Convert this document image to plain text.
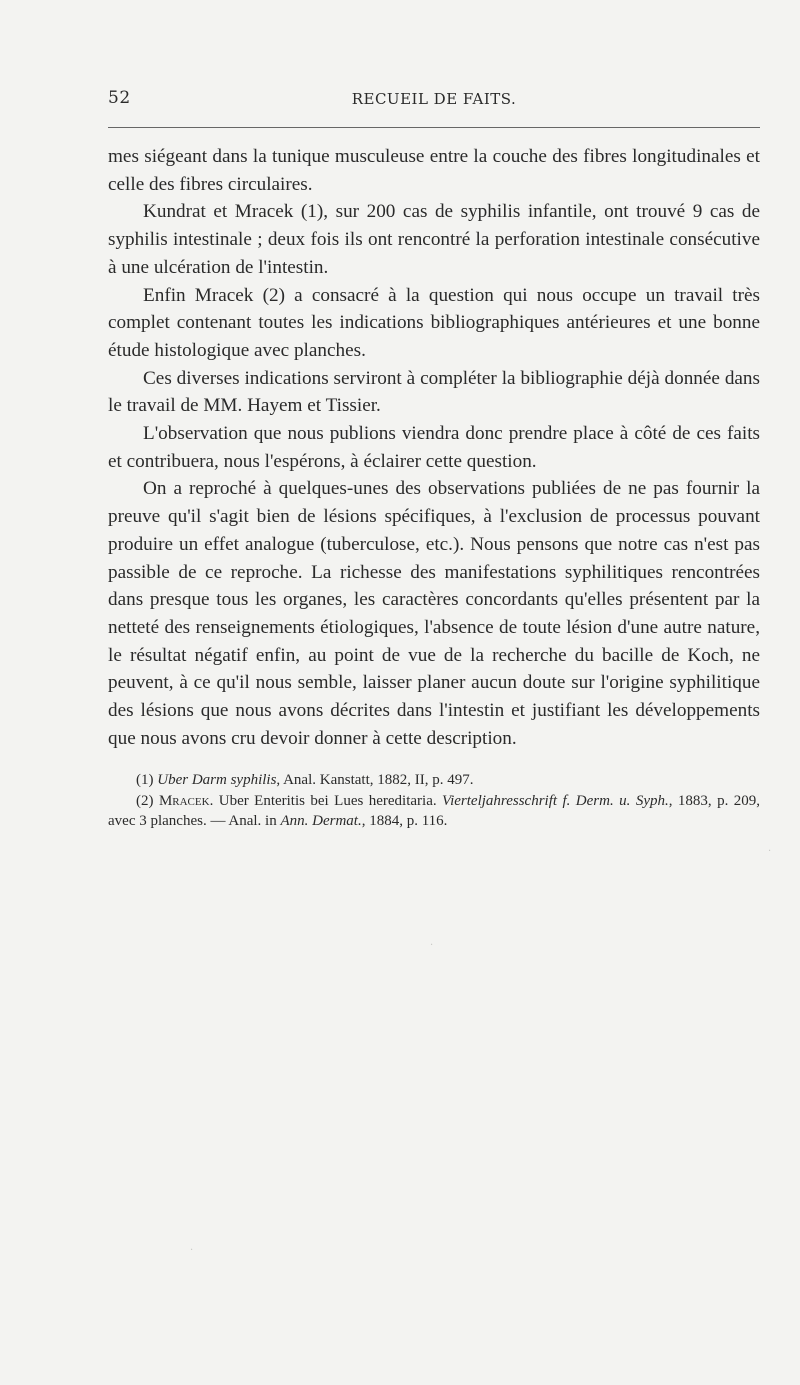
52	RECUEIL DE FAITS.

mes siégeant dans la tunique musculeuse entre la couche des fibres longitudinales et celle des fibres circulaires.

Kundrat et Mracek (1), sur 200 cas de syphilis infantile, ont trouvé 9 cas de syphilis intestinale ; deux fois ils ont rencontré la perforation intestinale consécutive à une ulcération de l'intestin.

Enfin Mracek (2) a consacré à la question qui nous occupe un travail très complet contenant toutes les indications bibliographiques antérieures et une bonne étude histologique avec planches.

Ces diverses indications serviront à compléter la bibliographie déjà donnée dans le travail de MM. Hayem et Tissier.

L'observation que nous publions viendra donc prendre place à côté de ces faits et contribuera, nous l'espérons, à éclairer cette question.

On a reproché à quelques-unes des observations publiées de ne pas fournir la preuve qu'il s'agit bien de lésions spécifiques, à l'exclusion de processus pouvant produire un effet analogue (tuberculose, etc.). Nous pensons que notre cas n'est pas passible de ce reproche. La richesse des manifestations syphilitiques rencontrées dans presque tous les organes, les caractères concordants qu'elles présentent par la netteté des renseignements étiologiques, l'absence de toute lésion d'une autre nature, le résultat négatif enfin, au point de vue de la recherche du bacille de Koch, ne peuvent, à ce qu'il nous semble, laisser planer aucun doute sur l'origine syphilitique des lésions que nous avons décrites dans l'intestin et justifiant les développements que nous avons cru devoir donner à cette description.

(1) Uber Darm syphilis, Anal. Kanstatt, 1882, II, p. 497.

(2) Mracek. Uber Enteritis bei Lues hereditaria. Vierteljahresschrift f. Derm. u. Syph., 1883, p. 209, avec 3 planches. — Anal. in Ann. Dermat., 1884, p. 116.

·
·
·
